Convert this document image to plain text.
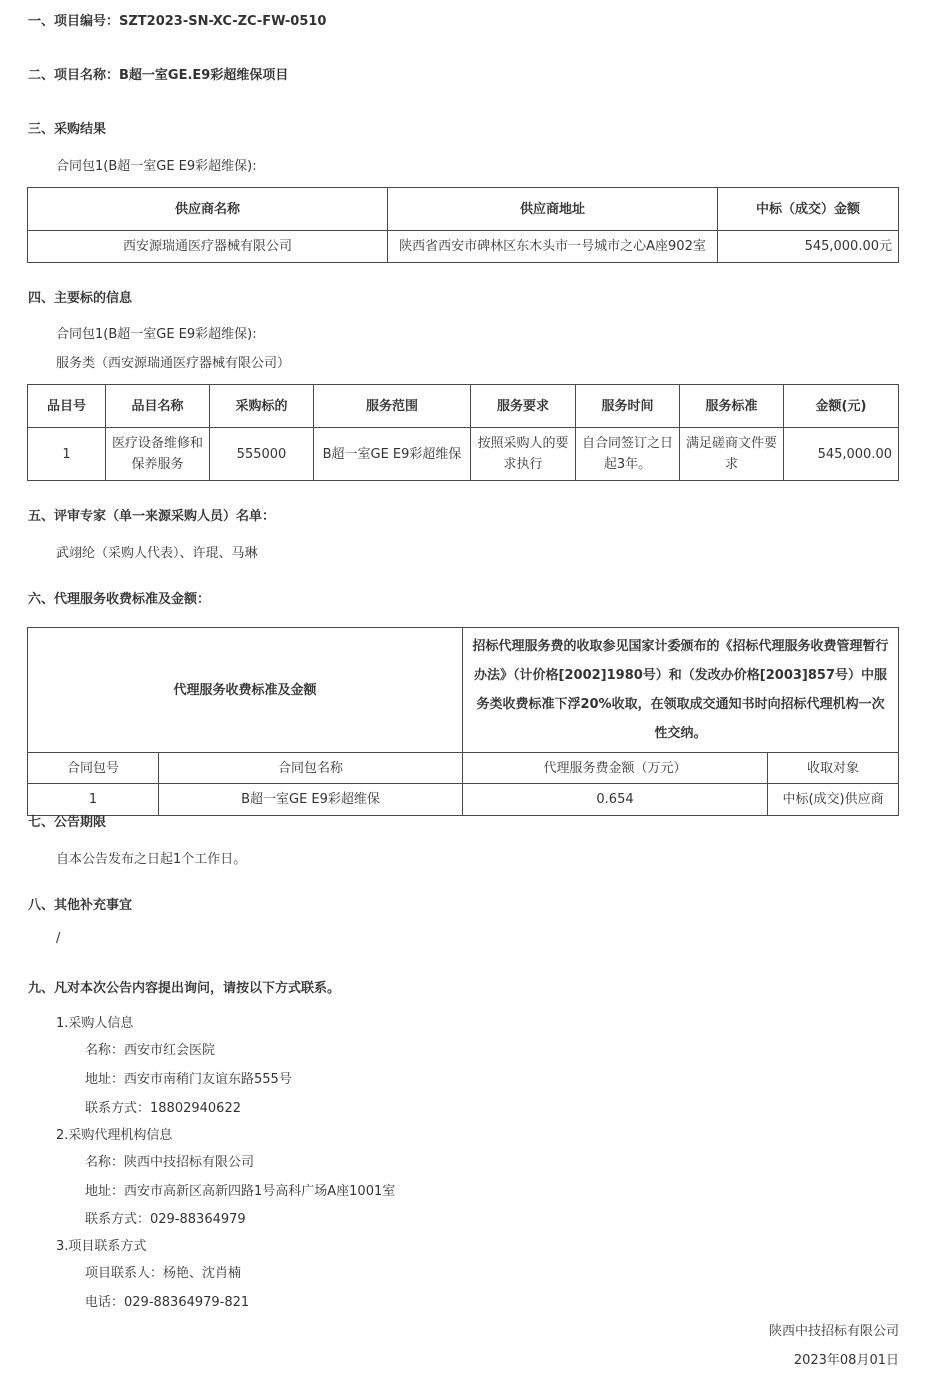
一、项目编号：SZT2023-SN-XC-ZC-FW-0510
二、项目名称：B超一室GE.E9彩超维保项目
三、采购结果
合同包1(B超一室GE E9彩超维保):
供应商名称	供应商地址	中标（成交）金额
西安源瑞通医疗器械有限公司	陕西省西安市碑林区东木头市一号城市之心A座902室	545,000.00元
四、主要标的信息
合同包1(B超一室GE E9彩超维保):
服务类（西安源瑞通医疗器械有限公司）
品目号	品目名称	采购标的	服务范围	服务要求	服务时间	服务标准	金额(元)
1	医疗设备维修和保养服务	555000	B超一室GE E9彩超维保	按照采购人的要求执行	自合同签订之日起3年。	满足磋商文件要求	545,000.00
五、评审专家（单一来源采购人员）名单：
武翊纶（采购人代表）、许琨、马琳
六、代理服务收费标准及金额：
代理服务收费标准及金额		招标代理服务费的收取参见国家计委颁布的《招标代理服务收费管理暂行办法》（计价格[2002]1980号）和（发改办价格[2003]857号）中服务类收费标准下浮20%收取，在领取成交通知书时向招标代理机构一次性交纳。	
合同包号	合同包名称	代理服务费金额（万元）	收取对象
1	B超一室GE E9彩超维保	0.654	中标(成交)供应商
七、公告期限
自本公告发布之日起1个工作日。
八、其他补充事宜
/
九、凡对本次公告内容提出询问，请按以下方式联系。
1.采购人信息
名称：西安市红会医院
地址：西安市南稍门友谊东路555号
联系方式：18802940622
2.采购代理机构信息
名称：陕西中技招标有限公司
地址：西安市高新区高新四路1号高科广场A座1001室
联系方式：029-88364979
3.项目联系方式
项目联系人：杨艳、沈肖楠
电话：029-88364979-821
陕西中技招标有限公司
2023年08月01日
